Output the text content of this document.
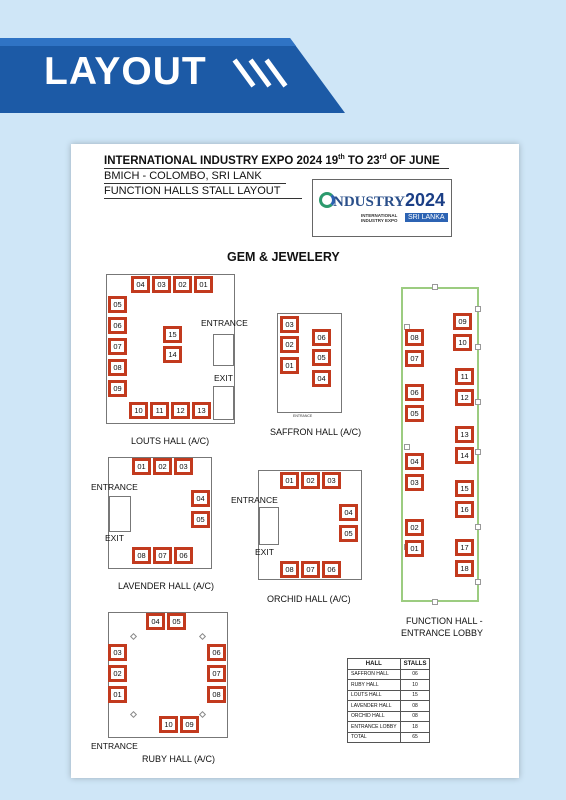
LAYOUT
INTERNATIONAL INDUSTRY EXPO 2024 19th TO 23rd OF JUNE
BMICH - COLOMBO, SRI LANK
FUNCTION HALLS STALL LAYOUT
NDUSTRY2024
INTERNATIONAL
INDUSTRY EXPO	SRI LANKA
GEM & JEWELERY
04	03	02	01
05
06
07
08
09
10	11	12	13
15
14
ENTRANCE
EXIT
LOUTS HALL (A/C)
03
02
01
06
05
04
ENTRANCE
SAFFRON HALL (A/C)
01	02	03
04
05
08	07	06
ENTRANCE
EXIT
LAVENDER HALL (A/C)
01	02	03
04
05
08	07	06
ENTRANCE
EXIT
ORCHID HALL (A/C)
04	05
03
02
01
06
07
08
10	09
ENTRANCE
RUBY HALL (A/C)
09
10
08
07
11
12
06
05
13
14
04
03
15
16
02
01	17
18
FUNCTION HALL -
ENTRANCE LOBBY
HALL	STALLS
SAFFRON HALL	06
RUBY HALL	10
LOUTS HALL	15
LAVENDER HALL	08
ORCHID HALL	08
ENTRANCE LOBBY	18
TOTAL	65
